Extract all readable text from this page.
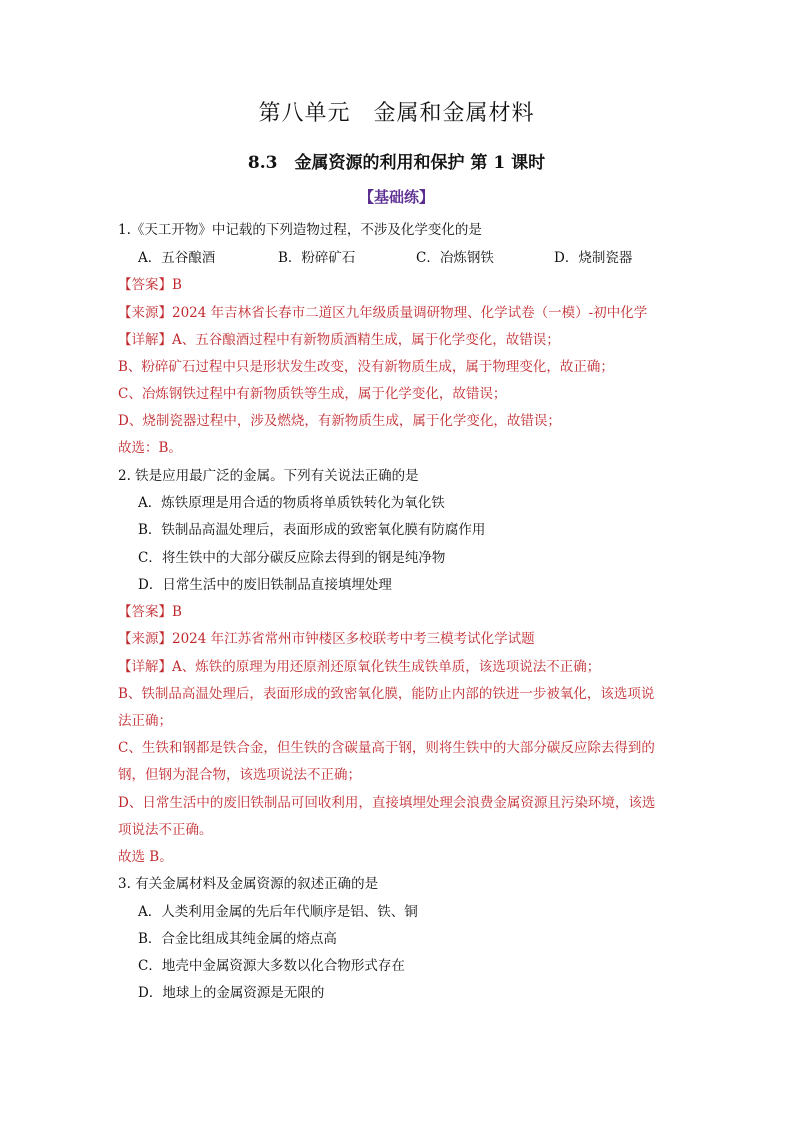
第八单元　金属和金属材料
8.3　金属资源的利用和保护 第 1 课时
【基础练】
1.《天工开物》中记载的下列造物过程，不涉及化学变化的是
A．五谷酿酒	B．粉碎矿石	C．冶炼钢铁	D．烧制瓷器
【答案】B
【来源】2024 年吉林省长春市二道区九年级质量调研物理、化学试卷（一模）-初中化学
【详解】A、五谷酿酒过程中有新物质酒精生成，属于化学变化，故错误；
B、粉碎矿石过程中只是形状发生改变，没有新物质生成，属于物理变化，故正确；
C、冶炼钢铁过程中有新物质铁等生成，属于化学变化，故错误；
D、烧制瓷器过程中，涉及燃烧，有新物质生成，属于化学变化，故错误；
故选：B。
2. 铁是应用最广泛的金属。下列有关说法正确的是
A．炼铁原理是用合适的物质将单质铁转化为氧化铁
B．铁制品高温处理后，表面形成的致密氧化膜有防腐作用
C．将生铁中的大部分碳反应除去得到的钢是纯净物
D．日常生活中的废旧铁制品直接填埋处理
【答案】B
【来源】2024 年江苏省常州市钟楼区多校联考中考三模考试化学试题
【详解】A、炼铁的原理为用还原剂还原氧化铁生成铁单质，该选项说法不正确；
B、铁制品高温处理后，表面形成的致密氧化膜，能防止内部的铁进一步被氧化，该选项说
法正确；
C、生铁和钢都是铁合金，但生铁的含碳量高于钢，则将生铁中的大部分碳反应除去得到的
钢，但钢为混合物，该选项说法不正确；
D、日常生活中的废旧铁制品可回收利用，直接填埋处理会浪费金属资源且污染环境，该选
项说法不正确。
故选 B。
3. 有关金属材料及金属资源的叙述正确的是
A．人类利用金属的先后年代顺序是铝、铁、铜
B．合金比组成其纯金属的熔点高
C．地壳中金属资源大多数以化合物形式存在
D．地球上的金属资源是无限的
